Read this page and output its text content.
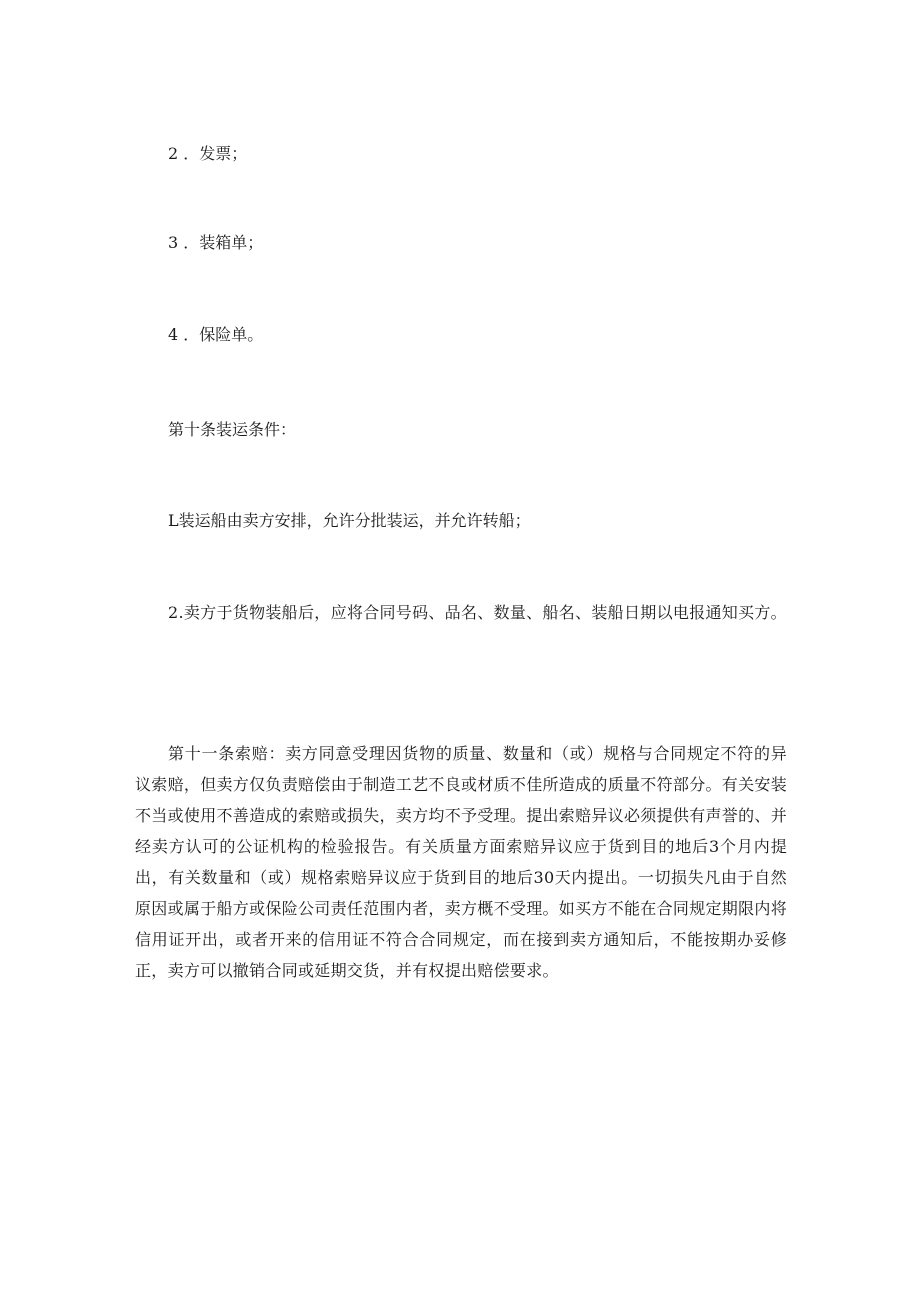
2 ．发票；
3 ．装箱单；
4 ．保险单。
第十条装运条件：
L装运船由卖方安排，允许分批装运，并允许转船；
2.卖方于货物装船后，应将合同号码、品名、数量、船名、装船日期以电报通知买方。
第十一条索赔：卖方同意受理因货物的质量、数量和（或）规格与合同规定不符的异议索赔，但卖方仅负责赔偿由于制造工艺不良或材质不佳所造成的质量不符部分。有关安装不当或使用不善造成的索赔或损失，卖方均不予受理。提出索赔异议必须提供有声誉的、并经卖方认可的公证机构的检验报告。有关质量方面索赔异议应于货到目的地后3个月内提出，有关数量和（或）规格索赔异议应于货到目的地后30天内提出。一切损失凡由于自然原因或属于船方或保险公司责任范围内者，卖方概不受理。如买方不能在合同规定期限内将信用证开出，或者开来的信用证不符合合同规定，而在接到卖方通知后，不能按期办妥修正，卖方可以撤销合同或延期交货，并有权提出赔偿要求。
